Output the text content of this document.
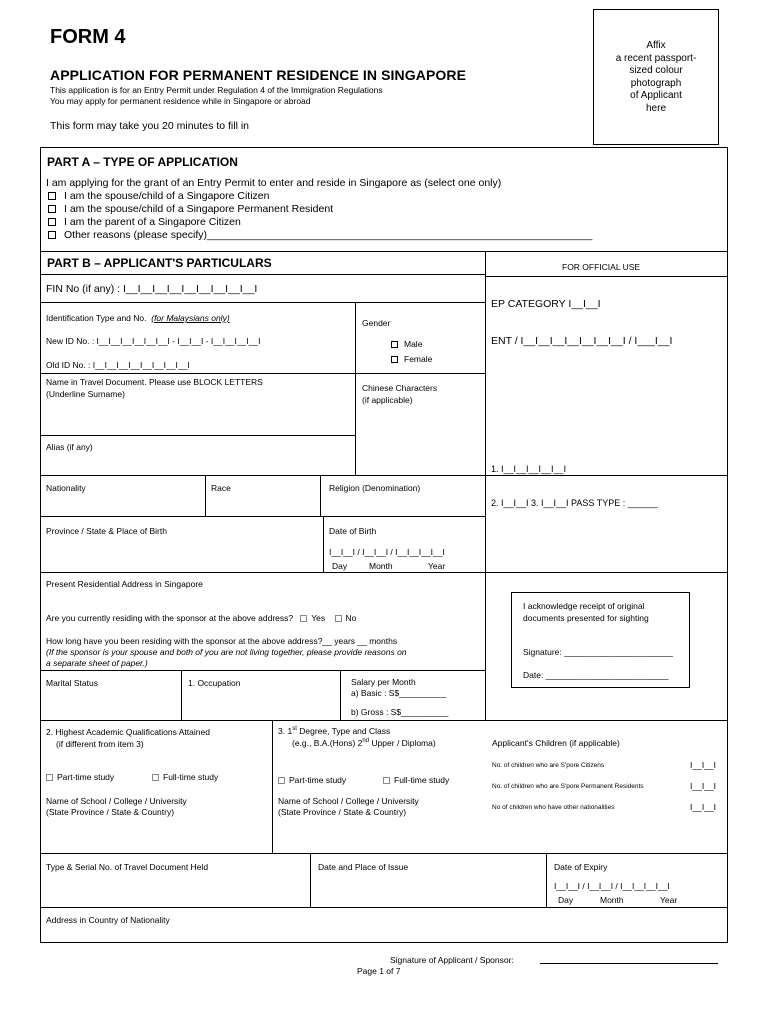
FORM 4
APPLICATION FOR PERMANENT RESIDENCE IN SINGAPORE
This application is for an Entry Permit under Regulation 4 of the Immigration Regulations
You may apply for permanent residence while in Singapore or abroad
This form may take you 20 minutes to fill in
Affix
a recent passport-
sized colour
photograph
of Applicant
here
PART A – TYPE OF APPLICATION
I am applying for the grant of an Entry Permit to enter and reside in Singapore as (select one only)
I am the spouse/child of a Singapore Citizen
I am the spouse/child of a Singapore Permanent Resident
I am the parent of a Singapore Citizen
Other reasons (please specify)__________________________________________________________________
PART B – APPLICANT'S PARTICULARS	FOR OFFICIAL USE
FIN No (if any) : I__I__I__I__I__I__I__I__I__I
Identification Type and No. (for Malaysians only)
New ID No. : I__I__I__I__I__I__I - I__I__I - I__I__I__I__I
Old ID No. : I__I__I__I__I__I__I__I__I
Gender
Male
Female
Name in Travel Document. Please use BLOCK LETTERS
(Underline Surname)
Chinese Characters
(if applicable)
Alias (if any)
Nationality	Race	Religion (Denomination)
Province / State & Place of Birth	Date of Birth
I__I__I / I__I__I / I__I__I__I__I
Day	Month	Year
Present Residential Address in Singapore
Are you currently residing with the sponsor at the above address? Yes No
How long have you been residing with the sponsor at the above address?__ years __ months
(If the sponsor is your spouse and both of you are not living together, please provide reasons on
a separate sheet of paper.)
Marital Status	1. Occupation	Salary per Month
a) Basic : S$__________
b) Gross : S$__________
2. Highest Academic Qualifications Attained
(if different from item 3)
3. 1st Degree, Type and Class
(e.g., B.A.(Hons) 2nd Upper / Diploma)
Part-time study	Full-time study	Part-time study	Full-time study
Name of School / College / University
(State Province / State & Country)
Name of School / College / University
(State Province / State & Country)
Applicant's Children (if applicable)
No. of children who are S'pore Citizens	I__I__I
No. of children who are S'pore Permanent Residents	I__I__I
No of children who have other nationalities	I__I__I
Type & Serial No. of Travel Document Held	Date and Place of Issue	Date of Expiry
I__I__I / I__I__I / I__I__I__I__I
Day	Month	Year
Address in Country of Nationality
EP CATEGORY I__I__I
ENT / I__I__I__I__I__I__I__I / I___I__I
1. I__I__I__I__I__I
2. I__I__I 3. I__I__I PASS TYPE : ______
I acknowledge receipt of original
documents presented for sighting
Signature: _______________________
Date: __________________________
Signature of Applicant / Sponsor:
Page 1 of 7
